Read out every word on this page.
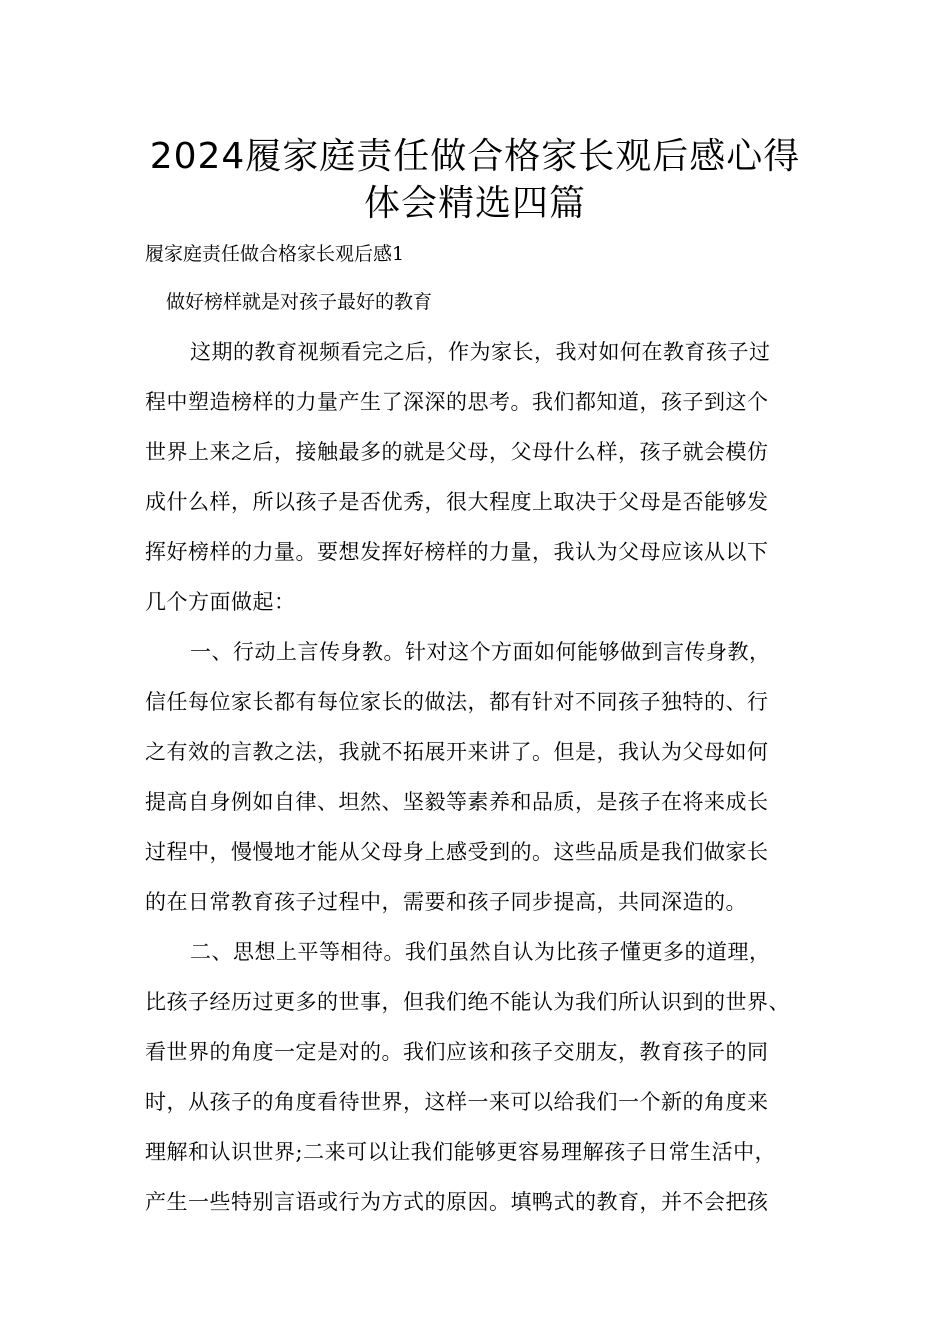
2024履家庭责任做合格家长观后感心得
体会精选四篇

履家庭责任做合格家长观后感1

做好榜样就是对孩子最好的教育

这期的教育视频看完之后，作为家长，我对如何在教育孩子过

程中塑造榜样的力量产生了深深的思考。我们都知道，孩子到这个

世界上来之后，接触最多的就是父母，父母什么样，孩子就会模仿

成什么样，所以孩子是否优秀，很大程度上取决于父母是否能够发

挥好榜样的力量。要想发挥好榜样的力量，我认为父母应该从以下

几个方面做起：

一、行动上言传身教。针对这个方面如何能够做到言传身教，

信任每位家长都有每位家长的做法，都有针对不同孩子独特的、行

之有效的言教之法，我就不拓展开来讲了。但是，我认为父母如何

提高自身例如自律、坦然、坚毅等素养和品质，是孩子在将来成长

过程中，慢慢地才能从父母身上感受到的。这些品质是我们做家长

的在日常教育孩子过程中，需要和孩子同步提高，共同深造的。

二、思想上平等相待。我们虽然自认为比孩子懂更多的道理，

比孩子经历过更多的世事，但我们绝不能认为我们所认识到的世界、

看世界的角度一定是对的。我们应该和孩子交朋友，教育孩子的同

时，从孩子的角度看待世界，这样一来可以给我们一个新的角度来

理解和认识世界;二来可以让我们能够更容易理解孩子日常生活中，

产生一些特别言语或行为方式的原因。填鸭式的教育，并不会把孩
